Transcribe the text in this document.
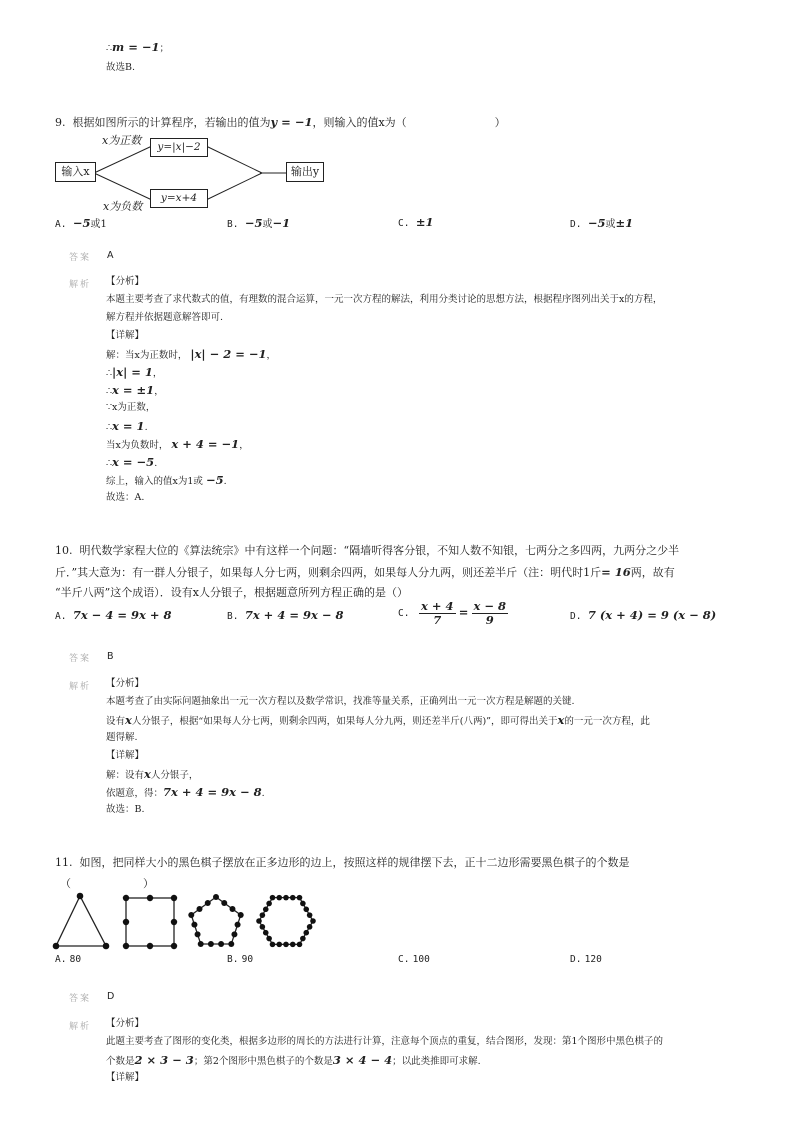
∴m = −1；
故选B.
9. 根据如图所示的计算程序，若输出的值为y = −1，则输入的值x为（	）
输入x
x为正数	y=|x|−2
x为负数
y=x+4
输出y
A. −5或1	B. −5或−1	C. ±1	D. −5或±1
答案 A
解析 【分析】
本题主要考查了求代数式的值，有理数的混合运算，一元一次方程的解法，利用分类讨论的思想方法，根据程序图列出关于x的方程，
解方程并依据题意解答即可.
【详解】
解：当x为正数时， |x| − 2 = −1，
∴|x| = 1，
∴x = ±1，
∵x为正数，
∴x = 1.
当x为负数时， x + 4 = −1，
∴x = −5.
综上，输入的值x为1或 −5.
故选：A.
10. 明代数学家程大位的《算法统宗》中有这样一个问题：“隔墙听得客分银，不知人数不知银，七两分之多四两，九两分之少半
斤．”其大意为：有一群人分银子，如果每人分七两，则剩余四两，如果每人分九两，则还差半斤（注：明代时1斤= 16两，故有
“半斤八两”这个成语）．设有x人分银子，根据题意所列方程正确的是（）
A. 7x − 4 = 9x + 8	B. 7x + 4 = 9x − 8	C. $\frac{x + 4}{7} = \frac{x - 8}{9}$	D. 7 (x + 4) = 9 (x − 8)
答案 B
解析 【分析】
本题考查了由实际问题抽象出一元一次方程以及数学常识，找准等量关系，正确列出一元一次方程是解题的关键.
设有x人分银子，根据“如果每人分七两，则剩余四两，如果每人分九两，则还差半斤(八两)”，即可得出关于x的一元一次方程，此
题得解.
【详解】
解：设有x人分银子，
依题意，得：7x + 4 = 9x − 8.
故选：B.
11. 如图，把同样大小的黑色棋子摆放在正多边形的边上，按照这样的规律摆下去，正十二边形需要黑色棋子的个数是
（	）
A. 80	B. 90	C. 100	D. 120
答案 D
解析 【分析】
此题主要考查了图形的变化类，根据多边形的周长的方法进行计算，注意每个顶点的重复，结合图形，发现：第1个图形中黑色棋子的
个数是2 × 3 − 3；第2个图形中黑色棋子的个数是3 × 4 − 4；以此类推即可求解.
【详解】
